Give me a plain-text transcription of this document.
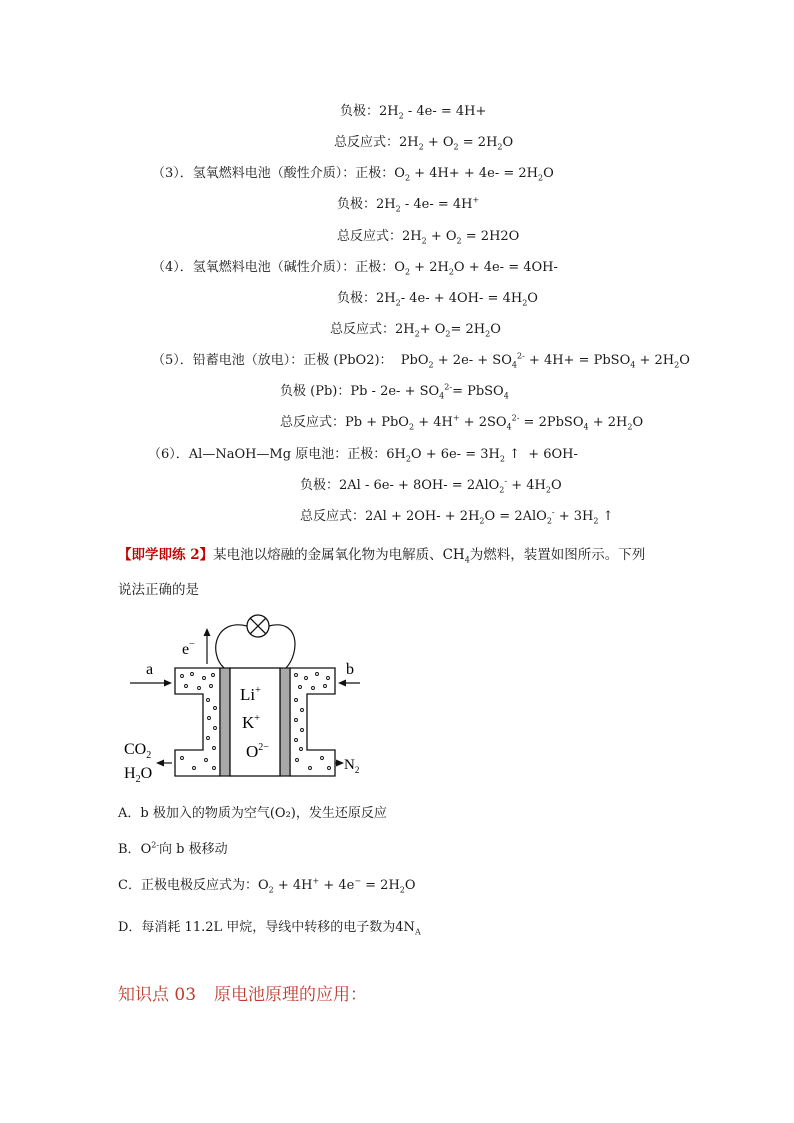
负极：$2H_2 - 4e- = 4H+$
总反应式：$2H_2 + O_2 = 2H_2O$
（3）．氢氧燃料电池（酸性介质）：正极：$O_2 + 4H+ + 4e- = 2H_2O$
负极：$2H_2 - 4e- = 4H^+$
总反应式：$2H_2 + O_2 = 2H2O$
（4）．氢氧燃料电池（碱性介质）：正极：$O_2 + 2H_2O + 4e- = 4OH-$
负极：$2H_2-$ $4e- + 4OH- = 4H_2O$
总反应式：$2H_2+ O_2= 2H_2O$
（5）．铅蓄电池（放电）：正极 (PbO2)：  $PbO_2 + 2e- + SO_4^{2-} + 4H+$ = PbSO$_4$ + $2H_2O$
负极 (Pb)：$Pb - 2e- + SO_4^{2-}=$ PbSO$_4$
总反应式：$Pb + PbO_2 + 4H^+ + 2SO_4^{2-}$ = 2PbSO$_4$ + $2H_2O$
（6）．Al—NaOH—Mg 原电池：正极：$6H_2O + 6e- = 3H_2$ ↑  + 6OH-
负极：$2Al - 6e- + 8OH- = 2AlO_2^- + 4H_2O$
总反应式：$2Al + 2OH- + 2H_2O = 2AlO_2^- + 3H_2$ ↑
【即学即练 2】某电池以熔融的金属氧化物为电解质、$CH_4$为燃料，装置如图所示。下列
说法正确的是
e−
Li+
K+
$O^{2-}$
a	b
$CO_2$
$H_2O$	$N_2$
A．b 极加入的物质为空气(O₂)，发生还原反应
B．$O^{2-}$向 b 极移动
C．正极电极反应式为：$O_2 + 4H^+ + 4e^- = 2H_2O$
D．每消耗 11.2L 甲烷，导线中转移的电子数为$4N_A$
知识点 03 原电池原理的应用：
